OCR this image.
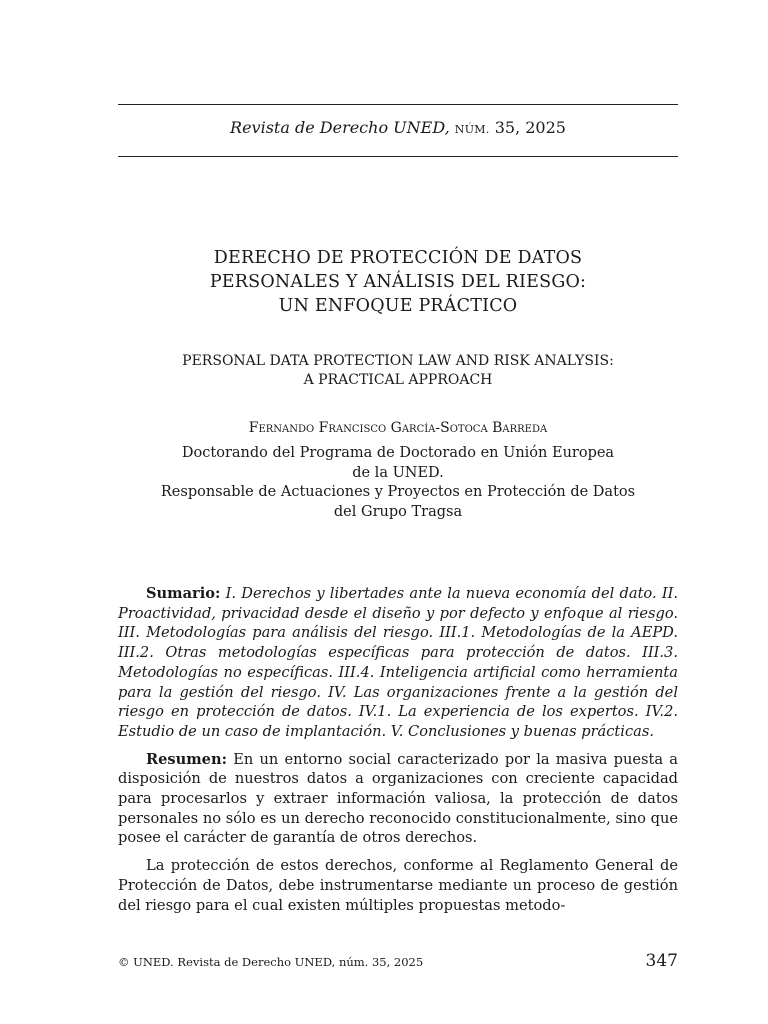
Revista de Derecho UNED, NÚM. 35, 2025
DERECHO DE PROTECCIÓN DE DATOS
PERSONALES Y ANÁLISIS DEL RIESGO:
UN ENFOQUE PRÁCTICO
PERSONAL DATA PROTECTION LAW AND RISK ANALYSIS:
A PRACTICAL APPROACH
Fernando Francisco García-Sotoca Barreda
Doctorando del Programa de Doctorado en Unión Europea
de la UNED.
Responsable de Actuaciones y Proyectos en Protección de Datos
del Grupo Tragsa

Sumario: I. Derechos y libertades ante la nueva economía del dato. II. Proactividad, privacidad desde el diseño y por defecto y enfoque al riesgo. III. Metodologías para análisis del riesgo. III.1. Metodologías de la AEPD. III.2. Otras metodologías específicas para protección de datos. III.3. Metodologías no específicas. III.4. Inteligencia artificial como herramienta para la gestión del riesgo. IV. Las organizaciones frente a la gestión del riesgo en protección de datos. IV.1. La experiencia de los expertos. IV.2. Estudio de un caso de implantación. V. Conclusiones y buenas prácticas.

Resumen: En un entorno social caracterizado por la masiva puesta a disposición de nuestros datos a organizaciones con creciente capacidad para procesarlos y extraer información valiosa, la protección de datos personales no sólo es un derecho reconocido constitucionalmente, sino que posee el carácter de garantía de otros derechos.

La protección de estos derechos, conforme al Reglamento General de Protección de Datos, debe instrumentarse mediante un proceso de gestión del riesgo para el cual existen múltiples propuestas metodo-

© UNED. Revista de Derecho UNED, núm. 35, 2025	347
